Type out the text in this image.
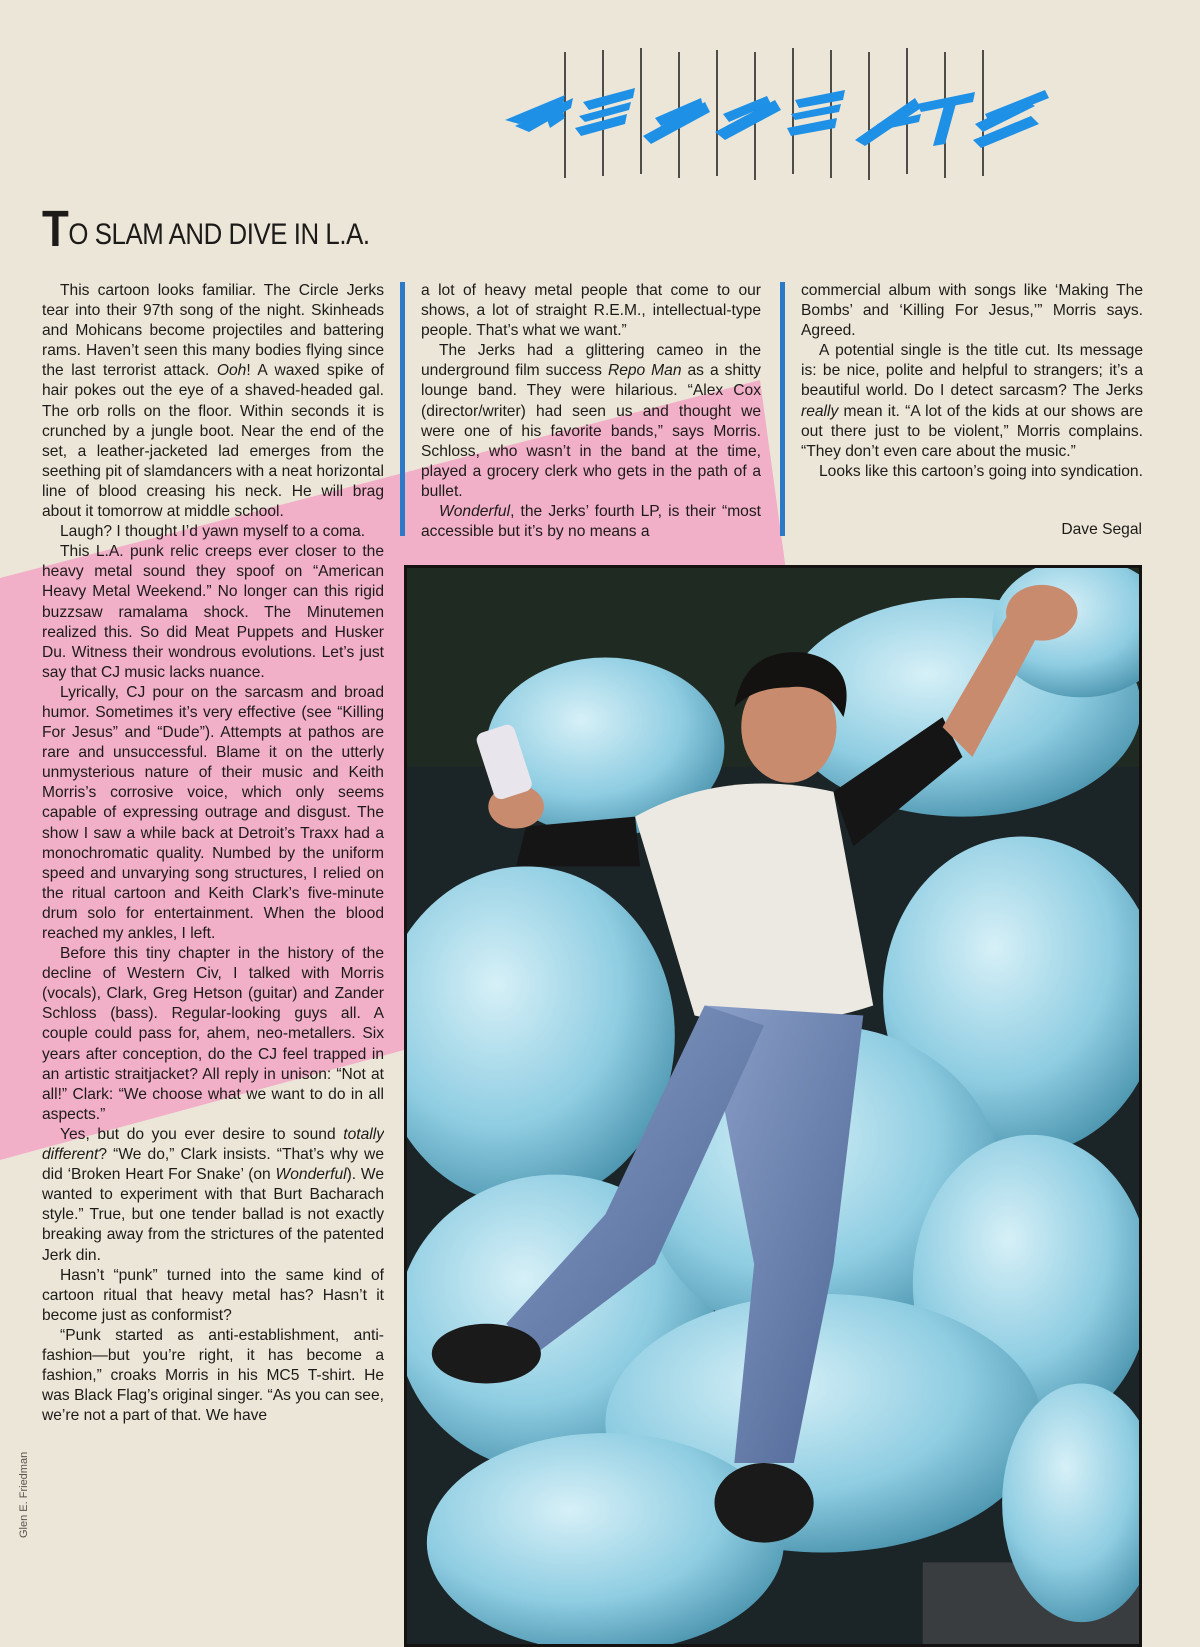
TO SLAM AND DIVE IN L.A.

This cartoon looks familiar. The Circle Jerks tear into their 97th song of the night. Skinheads and Mohicans become projectiles and battering rams. Haven’t seen this many bodies flying since the last terrorist attack. Ooh! A waxed spike of hair pokes out the eye of a shaved-headed gal. The orb rolls on the floor. Within seconds it is crunched by a jungle boot. Near the end of the set, a leather-jacketed lad emerges from the seething pit of slamdancers with a neat horizontal line of blood creasing his neck. He will brag about it tomorrow at middle school.

Laugh? I thought I’d yawn myself to a coma.

This L.A. punk relic creeps ever closer to the heavy metal sound they spoof on “American Heavy Metal Weekend.” No longer can this rigid buzzsaw ramalama shock. The Minutemen realized this. So did Meat Puppets and Husker Du. Witness their wondrous evolutions. Let’s just say that CJ music lacks nuance.

Lyrically, CJ pour on the sarcasm and broad humor. Sometimes it’s very effective (see “Killing For Jesus” and “Dude”). Attempts at pathos are rare and unsuccessful. Blame it on the utterly unmysterious nature of their music and Keith Morris’s corrosive voice, which only seems capable of expressing outrage and disgust. The show I saw a while back at Detroit’s Traxx had a monochromatic quality. Numbed by the uniform speed and unvarying song structures, I relied on the ritual cartoon and Keith Clark’s five-minute drum solo for entertainment. When the blood reached my ankles, I left.

Before this tiny chapter in the history of the decline of Western Civ, I talked with Morris (vocals), Clark, Greg Hetson (guitar) and Zander Schloss (bass). Regular-looking guys all. A couple could pass for, ahem, neo-metallers. Six years after conception, do the CJ feel trapped in an artistic straitjacket? All reply in unison: “Not at all!” Clark: “We choose what we want to do in all aspects.”

Yes, but do you ever desire to sound totally different? “We do,” Clark insists. “That’s why we did ‘Broken Heart For Snake’ (on Wonderful). We wanted to experiment with that Burt Bacharach style.” True, but one tender ballad is not exactly breaking away from the strictures of the patented Jerk din.

Hasn’t “punk” turned into the same kind of cartoon ritual that heavy metal has? Hasn’t it become just as conformist?

“Punk started as anti-establishment, anti-fashion—but you’re right, it has become a fashion,” croaks Morris in his MC5 T-shirt. He was Black Flag’s original singer. “As you can see, we’re not a part of that. We have

a lot of heavy metal people that come to our shows, a lot of straight R.E.M., intellectual-type people. That’s what we want.”

The Jerks had a glittering cameo in the underground film success Repo Man as a shitty lounge band. They were hilarious. “Alex Cox (director/writer) had seen us and thought we were one of his favorite bands,” says Morris. Schloss, who wasn’t in the band at the time, played a grocery clerk who gets in the path of a bullet.

Wonderful, the Jerks’ fourth LP, is their “most accessible but it’s by no means a

commercial album with songs like ‘Making The Bombs’ and ‘Killing For Jesus,’” Morris says. Agreed.

A potential single is the title cut. Its message is: be nice, polite and helpful to strangers; it’s a beautiful world. Do I detect sarcasm? The Jerks really mean it. “A lot of the kids at our shows are out there just to be violent,” Morris complains. “They don’t even care about the music.”

Looks like this cartoon’s going into syndication.

Dave Segal
Glen E. Friedman
